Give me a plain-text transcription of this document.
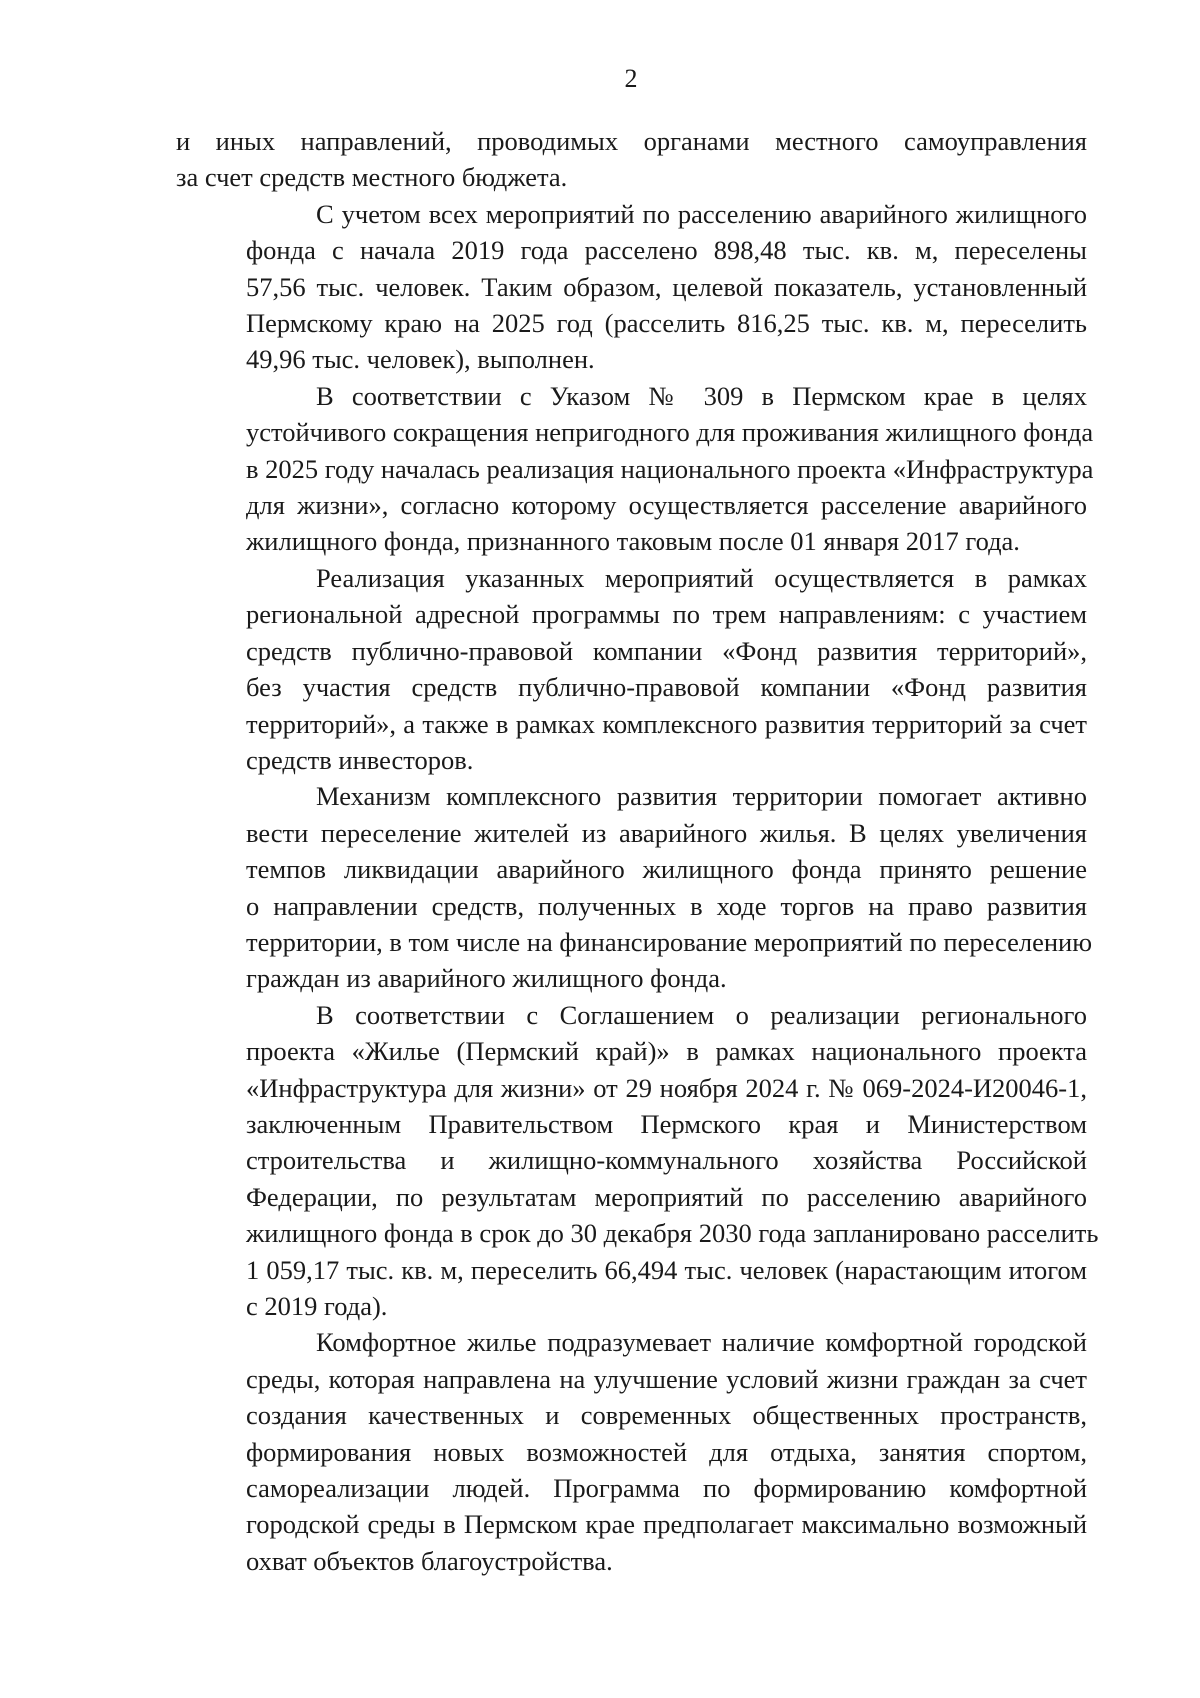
2
и иных направлений, проводимых органами местного самоуправления
за счет средств местного бюджета.
С учетом всех мероприятий по расселению аварийного жилищного
фонда с начала 2019 года расселено 898,48 тыс. кв. м, переселены
57,56 тыс. человек. Таким образом, целевой показатель, установленный
Пермскому краю на 2025 год (расселить 816,25 тыс. кв. м, переселить
49,96 тыс. человек), выполнен.
В соответствии с Указом № 309 в Пермском крае в целях
устойчивого сокращения непригодного для проживания жилищного фонда
в 2025 году началась реализация национального проекта «Инфраструктура
для жизни», согласно которому осуществляется расселение аварийного
жилищного фонда, признанного таковым после 01 января 2017 года.
Реализация указанных мероприятий осуществляется в рамках
региональной адресной программы по трем направлениям: с участием
средств публично-правовой компании «Фонд развития территорий»,
без участия средств публично-правовой компании «Фонд развития
территорий», а также в рамках комплексного развития территорий за счет
средств инвесторов.
Механизм комплексного развития территории помогает активно
вести переселение жителей из аварийного жилья. В целях увеличения
темпов ликвидации аварийного жилищного фонда принято решение
о направлении средств, полученных в ходе торгов на право развития
территории, в том числе на финансирование мероприятий по переселению
граждан из аварийного жилищного фонда.
В соответствии с Соглашением о реализации регионального
проекта «Жилье (Пермский край)» в рамках национального проекта
«Инфраструктура для жизни» от 29 ноября 2024 г. № 069-2024-И20046-1,
заключенным Правительством Пермского края и Министерством
строительства и жилищно-коммунального хозяйства Российской
Федерации, по результатам мероприятий по расселению аварийного
жилищного фонда в срок до 30 декабря 2030 года запланировано расселить
1 059,17 тыс. кв. м, переселить 66,494 тыс. человек (нарастающим итогом
с 2019 года).
Комфортное жилье подразумевает наличие комфортной городской
среды, которая направлена на улучшение условий жизни граждан за счет
создания качественных и современных общественных пространств,
формирования новых возможностей для отдыха, занятия спортом,
самореализации людей. Программа по формированию комфортной
городской среды в Пермском крае предполагает максимально возможный
охват объектов благоустройства.
